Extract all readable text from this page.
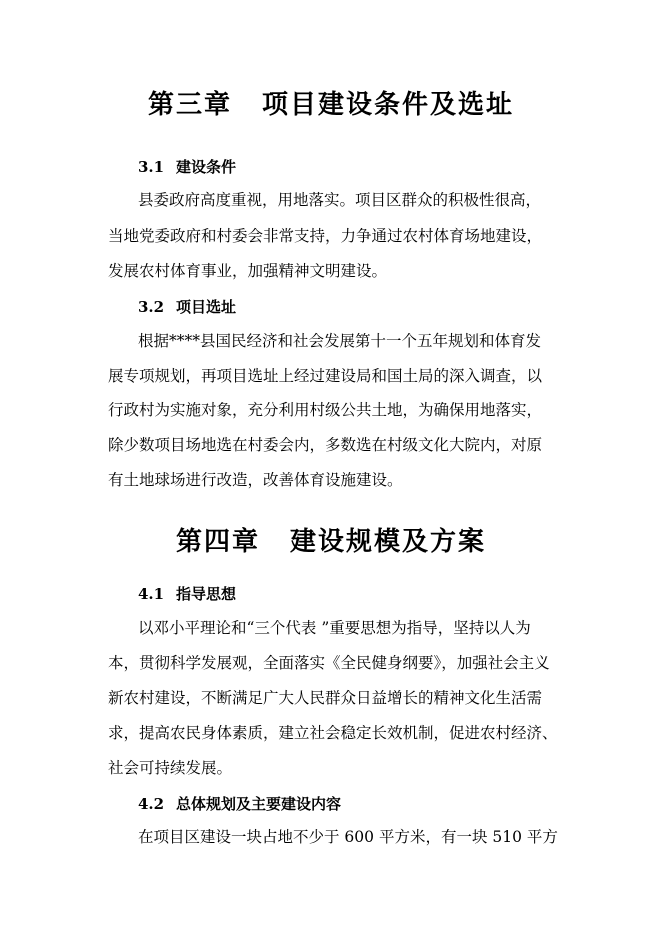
第三章 项目建设条件及选址
3.1 建设条件
县委政府高度重视，用地落实。项目区群众的积极性很高，
当地党委政府和村委会非常支持，力争通过农村体育场地建设，
发展农村体育事业，加强精神文明建设。
3.2 项目选址
根据****县国民经济和社会发展第十一个五年规划和体育发
展专项规划，再项目选址上经过建设局和国土局的深入调查，以
行政村为实施对象，充分利用村级公共土地，为确保用地落实，
除少数项目场地选在村委会内，多数选在村级文化大院内，对原
有土地球场进行改造，改善体育设施建设。
第四章 建设规模及方案
4.1 指导思想
以邓小平理论和“三个代表 ”重要思想为指导，坚持以人为
本，贯彻科学发展观，全面落实《全民健身纲要》，加强社会主义
新农村建设，不断满足广大人民群众日益增长的精神文化生活需
求，提高农民身体素质，建立社会稳定长效机制，促进农村经济、
社会可持续发展。
4.2 总体规划及主要建设内容
在项目区建设一块占地不少于 600 平方米，有一块 510 平方
